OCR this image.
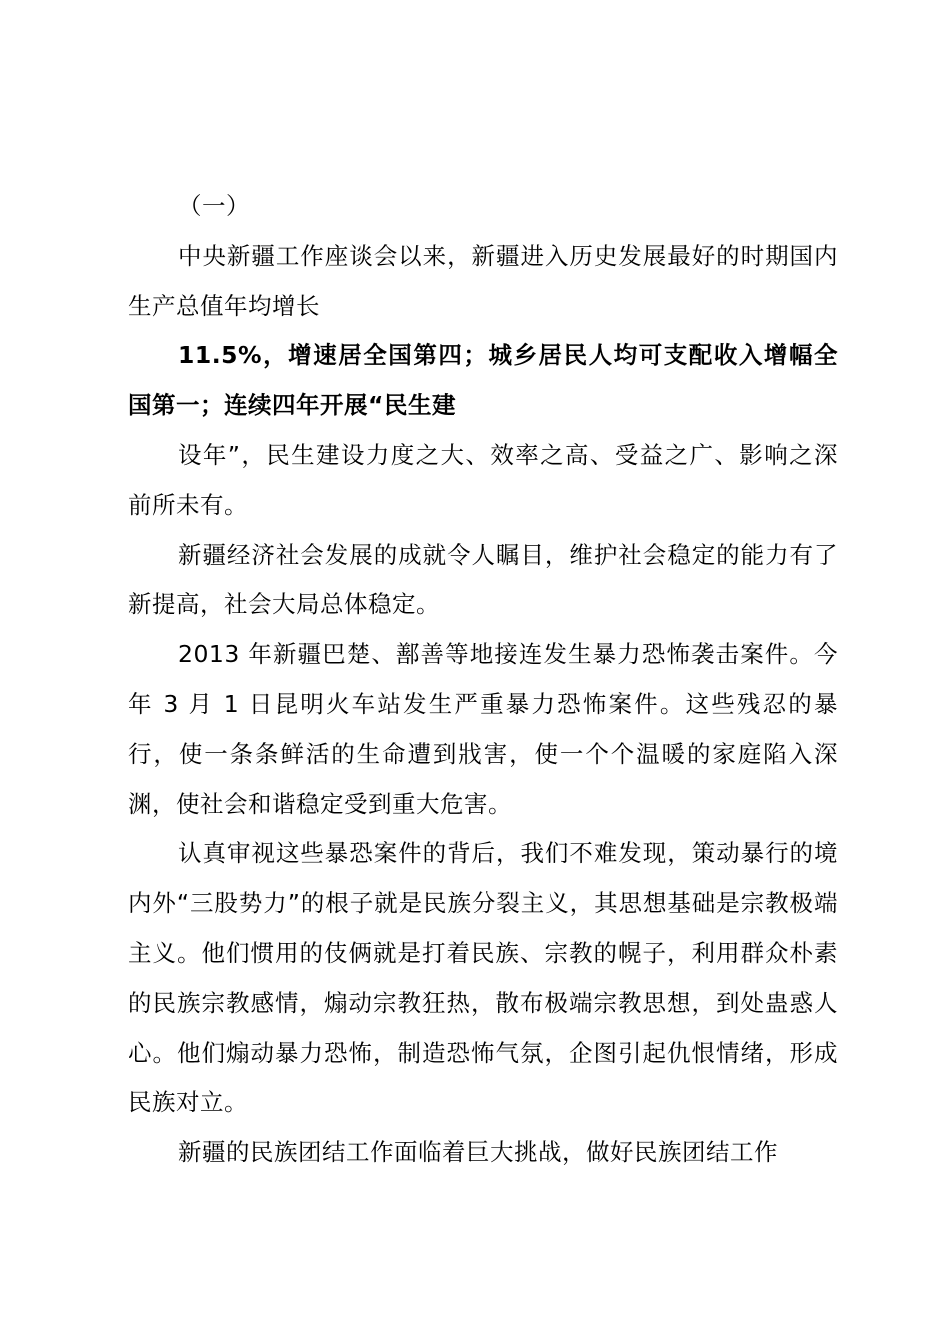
（一）

中央新疆工作座谈会以来，新疆进入历史发展最好的时期国内生产总值年均增长

11.5%，增速居全国第四；城乡居民人均可支配收入增幅全国第一；连续四年开展“民生建

设年”，民生建设力度之大、效率之高、受益之广、影响之深前所未有。

新疆经济社会发展的成就令人瞩目，维护社会稳定的能力有了新提高，社会大局总体稳定。

2013 年新疆巴楚、鄯善等地接连发生暴力恐怖袭击案件。今年 3 月 1 日昆明火车站发生严重暴力恐怖案件。这些残忍的暴行，使一条条鲜活的生命遭到戕害，使一个个温暖的家庭陷入深渊，使社会和谐稳定受到重大危害。

认真审视这些暴恐案件的背后，我们不难发现，策动暴行的境内外“三股势力”的根子就是民族分裂主义，其思想基础是宗教极端主义。他们惯用的伎俩就是打着民族、宗教的幌子，利用群众朴素的民族宗教感情，煽动宗教狂热，散布极端宗教思想，到处蛊惑人心。他们煽动暴力恐怖，制造恐怖气氛，企图引起仇恨情绪，形成民族对立。

新疆的民族团结工作面临着巨大挑战，做好民族团结工作
